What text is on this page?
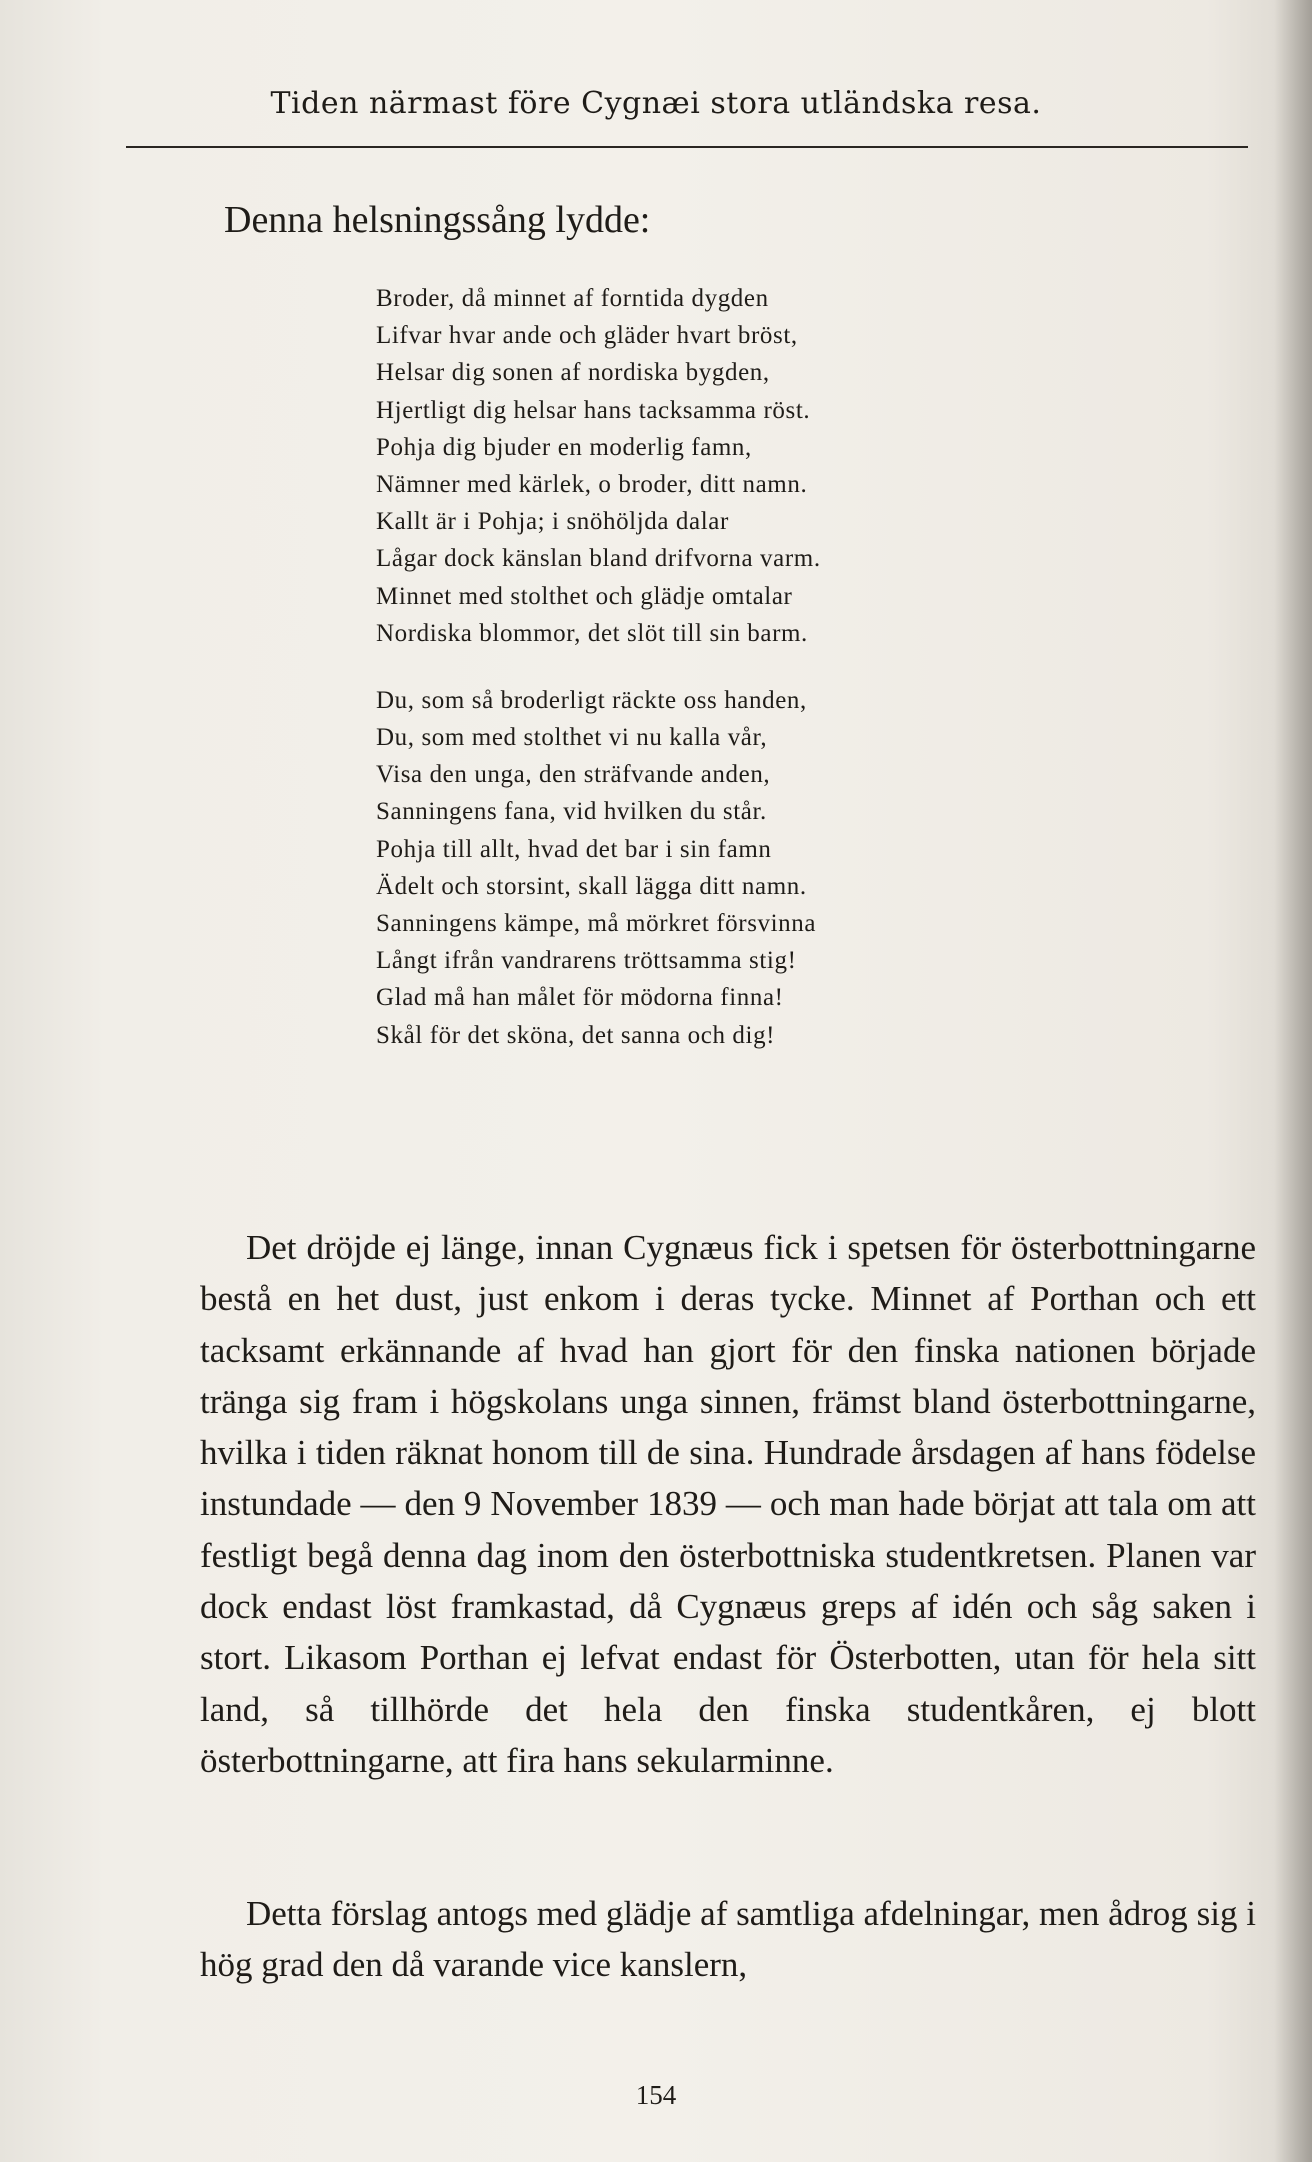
Tiden närmast före Cygnæi stora utländska resa.
Denna helsningssång lydde:
Broder, då minnet af forntida dygden
Lifvar hvar ande och gläder hvart bröst,
Helsar dig sonen af nordiska bygden,
Hjertligt dig helsar hans tacksamma röst.
Pohja dig bjuder en moderlig famn,
Nämner med kärlek, o broder, ditt namn.
Kallt är i Pohja; i snöhöljda dalar
Lågar dock känslan bland drifvorna varm.
Minnet med stolthet och glädje omtalar
Nordiska blommor, det slöt till sin barm.
Du, som så broderligt räckte oss handen,
Du, som med stolthet vi nu kalla vår,
Visa den unga, den sträfvande anden,
Sanningens fana, vid hvilken du står.
Pohja till allt, hvad det bar i sin famn
Ädelt och storsint, skall lägga ditt namn.
Sanningens kämpe, må mörkret försvinna
Långt ifrån vandrarens tröttsamma stig!
Glad må han målet för mödorna finna!
Skål för det sköna, det sanna och dig!
Det dröjde ej länge, innan Cygnæus fick i spetsen för österbottningarne bestå en het dust, just enkom i deras tycke. Minnet af Porthan och ett tacksamt erkännande af hvad han gjort för den finska nationen började tränga sig fram i högskolans unga sinnen, främst bland österbottningarne, hvilka i tiden räknat honom till de sina. Hundrade årsdagen af hans födelse instundade — den 9 November 1839 — och man hade börjat att tala om att festligt begå denna dag inom den österbottniska studentkretsen. Planen var dock endast löst framkastad, då Cygnæus greps af idén och såg saken i stort. Likasom Porthan ej lefvat endast för Österbotten, utan för hela sitt land, så tillhörde det hela den finska studentkåren, ej blott österbottningarne, att fira hans sekularminne.
Detta förslag antogs med glädje af samtliga afdelningar, men ådrog sig i hög grad den då varande vice kanslern,
154
